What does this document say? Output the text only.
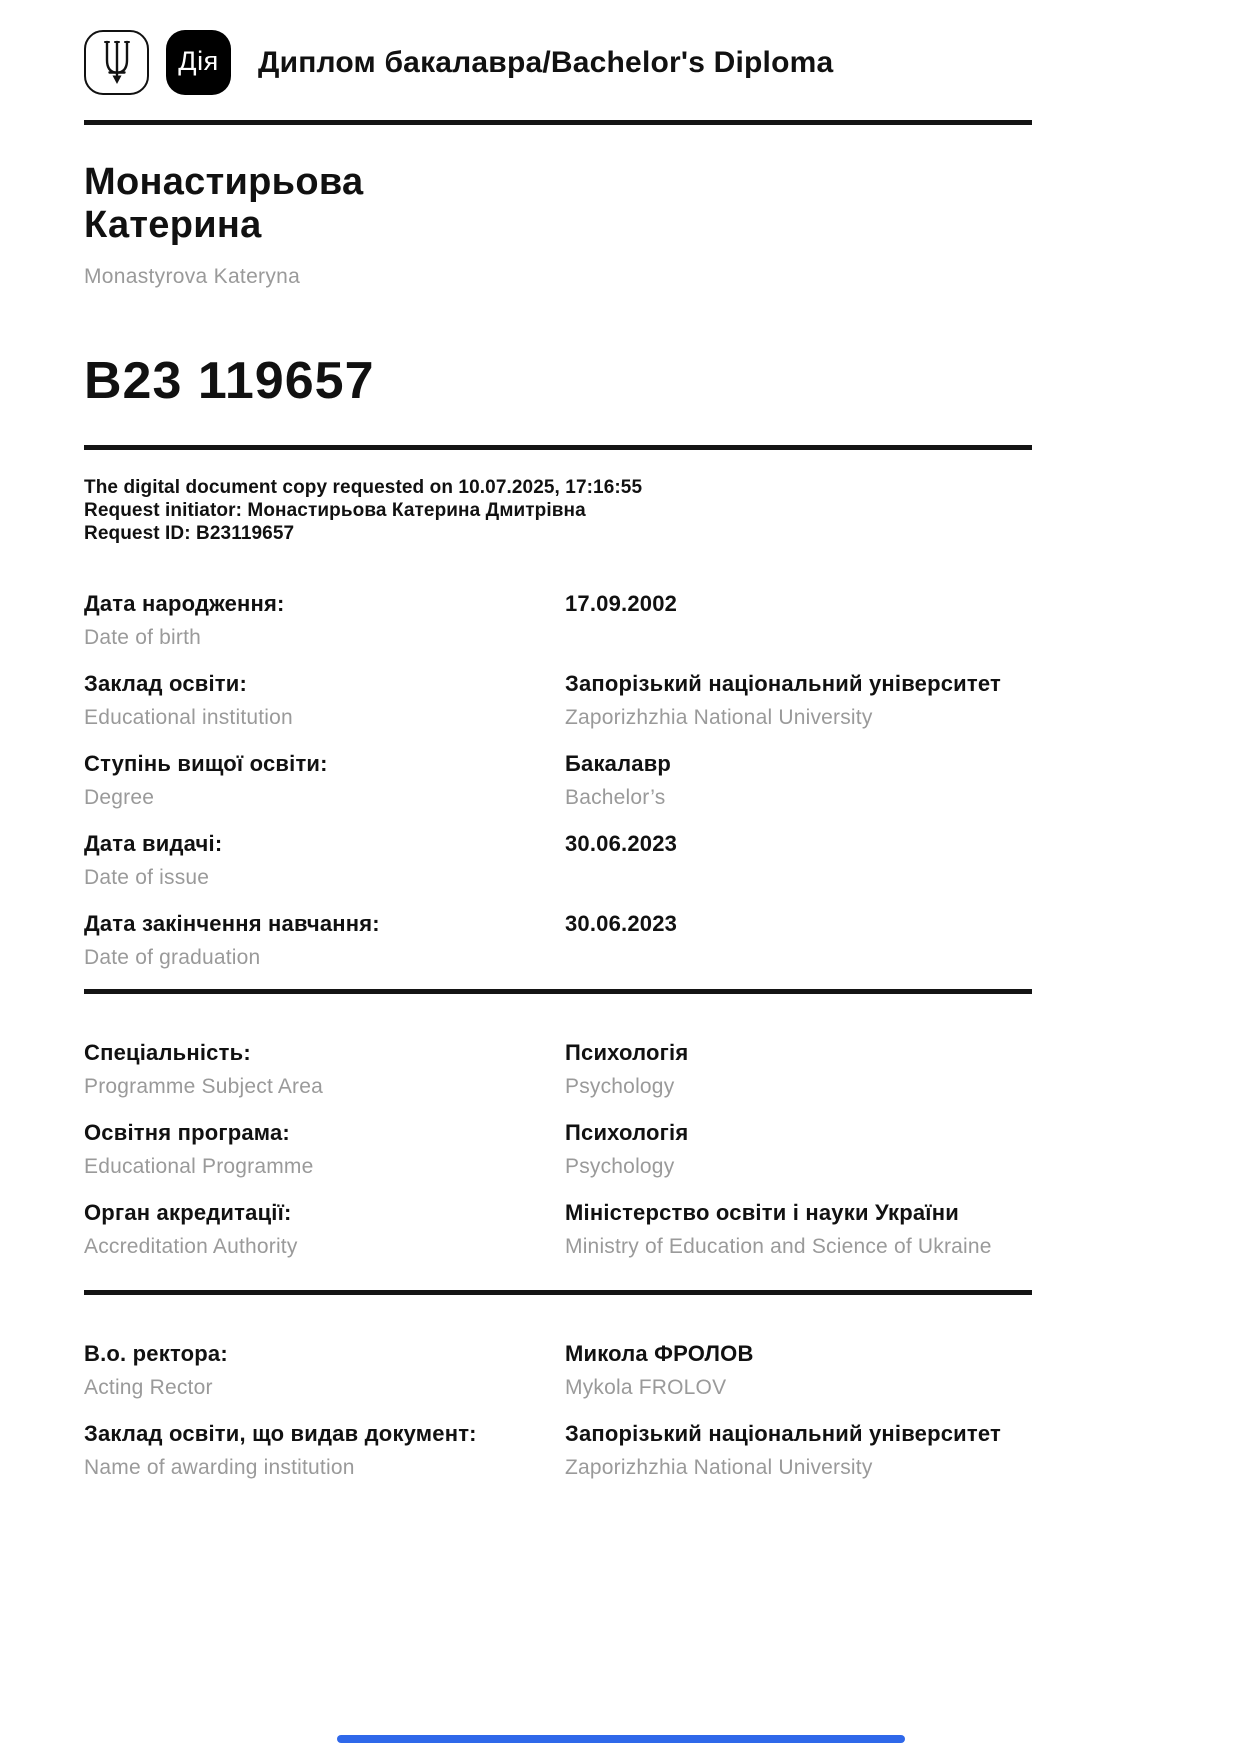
Дія Диплом бакалавра/Bachelor's Diploma
Монастирьова
Катерина
Monastyrova Kateryna
B23 119657
The digital document copy requested on 10.07.2025, 17:16:55
Request initiator: Монастирьова Катерина Дмитрівна
Request ID: B23119657
Дата народження:
Date of birth
17.09.2002
Заклад освіти:
Educational institution
Запорізький національний університет
Zaporizhzhia National University
Ступінь вищої освіти:
Degree
Бакалавр
Bachelor’s
Дата видачі:
Date of issue
30.06.2023
Дата закінчення навчання:
Date of graduation
30.06.2023
Спеціальність:
Programme Subject Area
Психологія
Psychology
Освітня програма:
Educational Programme
Психологія
Psychology
Орган акредитації:
Accreditation Authority
Міністерство освіти і науки України
Ministry of Education and Science of Ukraine
В.о. ректора:
Acting Rector
Микола ФРОЛОВ
Mykola FROLOV
Заклад освіти, що видав документ:
Name of awarding institution
Запорізький національний університет
Zaporizhzhia National University
